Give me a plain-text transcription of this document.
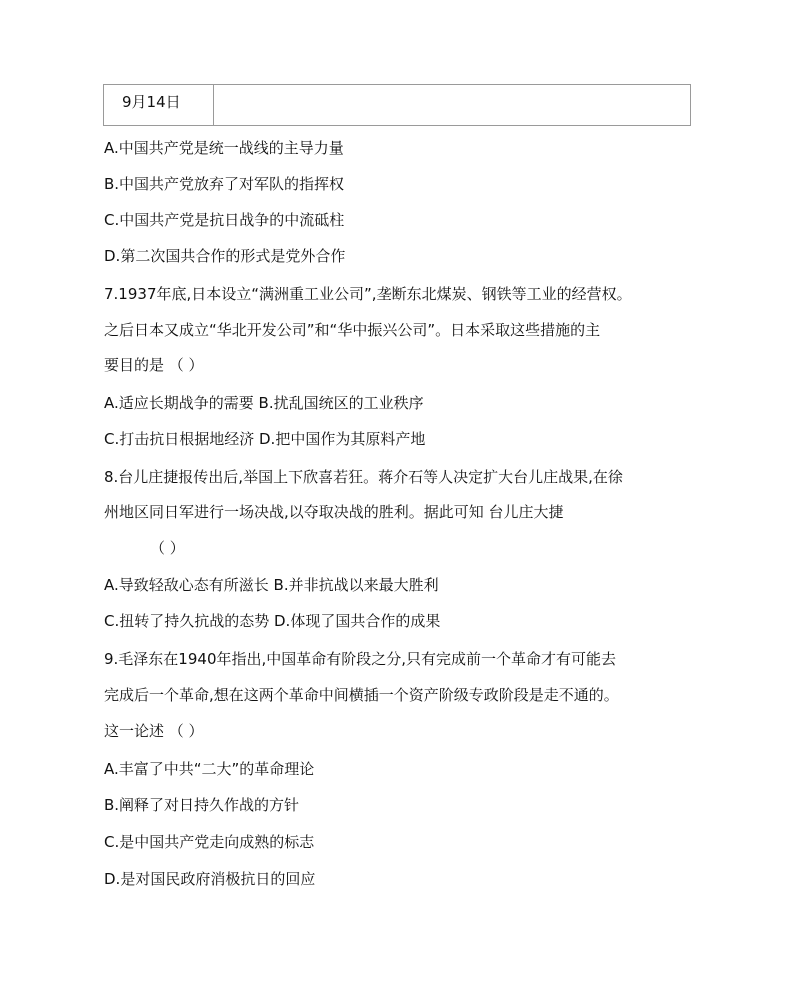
9月14日
A.中国共产党是统一战线的主导力量
B.中国共产党放弃了对军队的指挥权
C.中国共产党是抗日战争的中流砥柱
D.第二次国共合作的形式是党外合作
7.1937年底,日本设立“满洲重工业公司”,垄断东北煤炭、钢铁等工业的经营权。
之后日本又成立“华北开发公司”和“华中振兴公司”。日本采取这些措施的主
要目的是 （ ）
A.适应长期战争的需要 B.扰乱国统区的工业秩序
C.打击抗日根据地经济 D.把中国作为其原料产地
8.台儿庄捷报传出后,举国上下欣喜若狂。蒋介石等人决定扩大台儿庄战果,在徐
州地区同日军进行一场决战,以夺取决战的胜利。据此可知 台儿庄大捷
（ ）
A.导致轻敌心态有所滋长 B.并非抗战以来最大胜利
C.扭转了持久抗战的态势 D.体现了国共合作的成果
9.毛泽东在1940年指出,中国革命有阶段之分,只有完成前一个革命才有可能去
完成后一个革命,想在这两个革命中间横插一个资产阶级专政阶段是走不通的。
这一论述 （ ）
A.丰富了中共“二大”的革命理论
B.阐释了对日持久作战的方针
C.是中国共产党走向成熟的标志
D.是对国民政府消极抗日的回应
